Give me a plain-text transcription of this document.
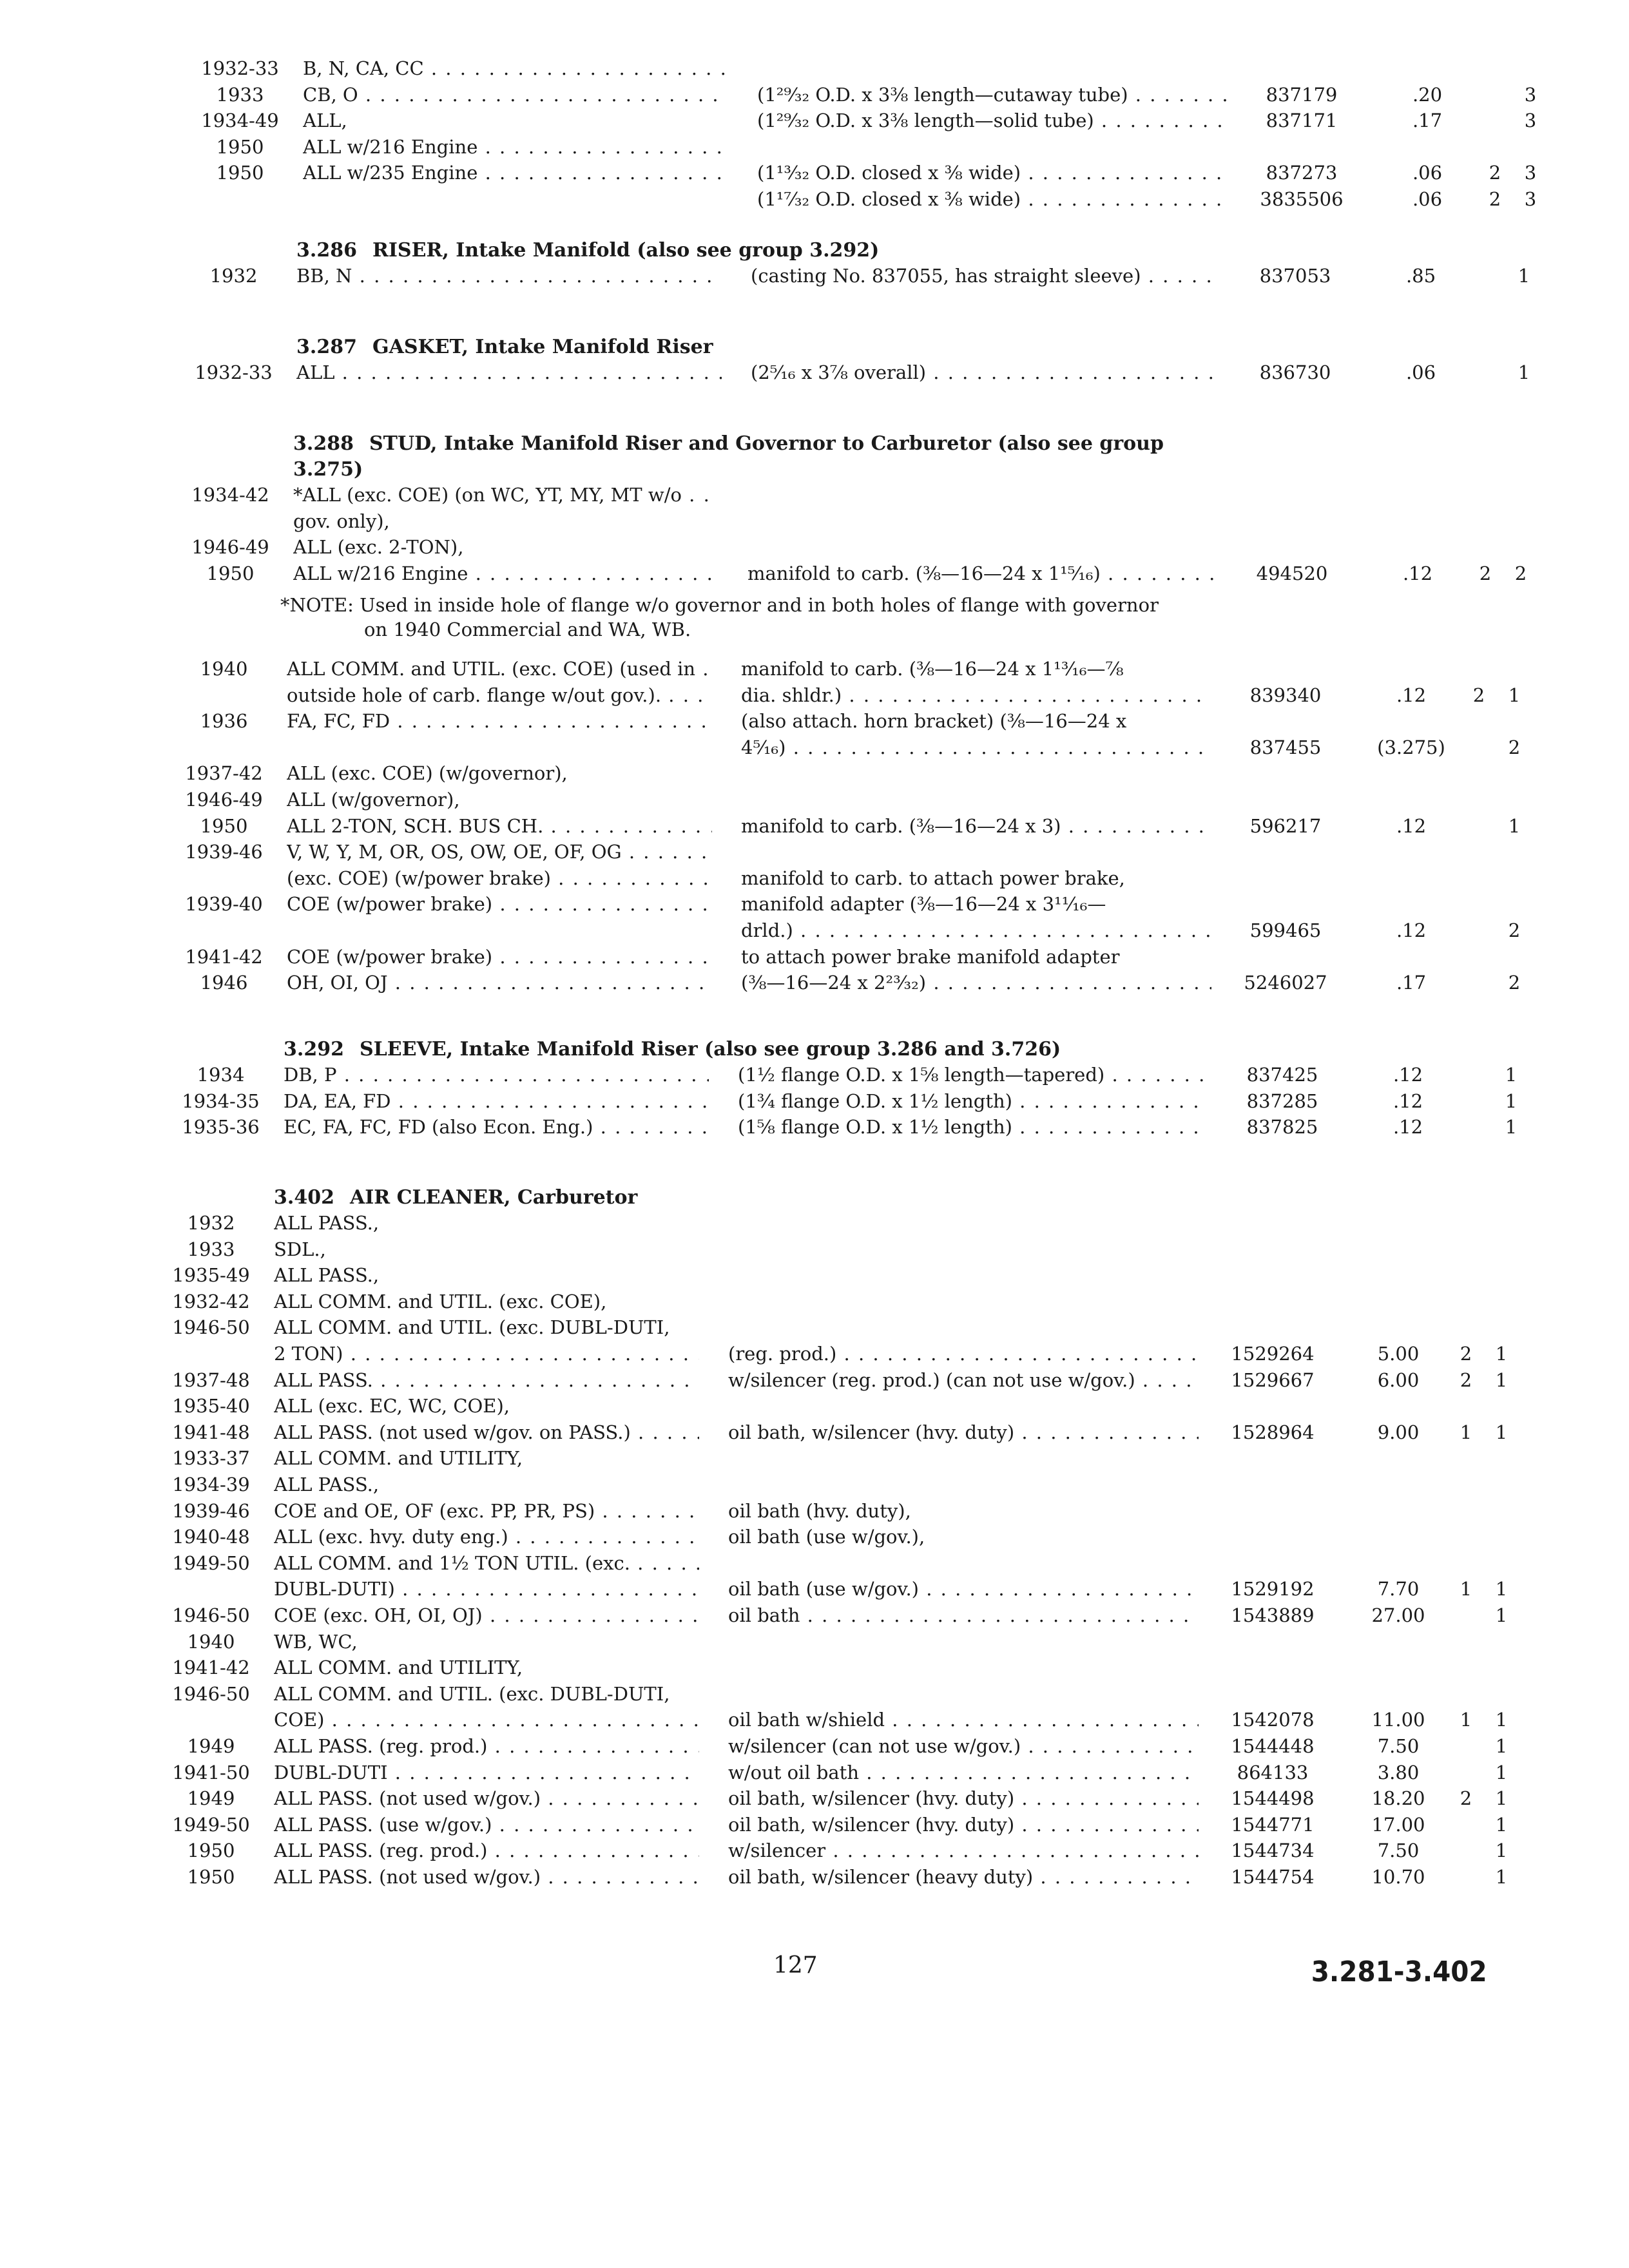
1932-33	B, N, CA, CC . . .
1933	CB, O . . .	(1²⁹⁄₃₂ O.D. x 3⅜ length—cutaway tube) . . .	837179	.20	3
1934-49	ALL,	(1²⁹⁄₃₂ O.D. x 3⅜ length—solid tube) . . .	837171	.17	3
1950	ALL w/216 Engine . . .
1950	ALL w/235 Engine . . .	(1¹³⁄₃₂ O.D. closed x ⅜ wide) . . .	837273	.06	2	3
(1¹⁷⁄₃₂ O.D. closed x ⅜ wide) . . .	3835506	.06	2	3
3.286 RISER, Intake Manifold (also see group 3.292)
1932	BB, N . . .	(casting No. 837055, has straight sleeve) . . .	837053	.85	1
3.287 GASKET, Intake Manifold Riser
1932-33	ALL . . .	(2⁵⁄₁₆ x 3⅞ overall) . . .	836730	.06	1
3.288 STUD, Intake Manifold Riser and Governor to Carburetor (also see group
3.275)
1934-42	*ALL (exc. COE) (on WC, YT, MY, MT w/o . . .
gov. only),
1946-49	ALL (exc. 2-TON),
1950	ALL w/216 Engine . . .	manifold to carb. (⅜—16—24 x 1¹⁵⁄₁₆) . . .	494520	.12	2	2
1940	ALL COMM. and UTIL. (exc. COE) (used in . . .	manifold to carb. (⅜—16—24 x 1¹³⁄₁₆—⅞
outside hole of carb. flange w/out gov.). . . .	dia. shldr.) . . .	839340	.12	2	1
1936	FA, FC, FD . . .	(also attach. horn bracket) (⅜—16—24 x
4⁵⁄₁₆) . . .	837455	(3.275)	2
1937-42	ALL (exc. COE) (w/governor),
1946-49	ALL (w/governor),
1950	ALL 2-TON, SCH. BUS CH. . . .	manifold to carb. (⅜—16—24 x 3) . . .	596217	.12	1
1939-46	V, W, Y, M, OR, OS, OW, OE, OF, OG . . .
(exc. COE) (w/power brake) . . .	manifold to carb. to attach power brake,
1939-40	COE (w/power brake) . . .	manifold adapter (⅜—16—24 x 3¹¹⁄₁₆—
drld.) . . .	599465	.12	2
1941-42	COE (w/power brake) . . .	to attach power brake manifold adapter
1946	OH, OI, OJ . . .	(⅜—16—24 x 2²³⁄₃₂) . . .	5246027	.17	2
3.292 SLEEVE, Intake Manifold Riser (also see group 3.286 and 3.726)
1934	DB, P . . .	(1½ flange O.D. x 1⅝ length—tapered) . . .	837425	.12	1
1934-35	DA, EA, FD . . .	(1¾ flange O.D. x 1½ length) . . .	837285	.12	1
1935-36	EC, FA, FC, FD (also Econ. Eng.) . . .	(1⅝ flange O.D. x 1½ length) . . .	837825	.12	1
3.402 AIR CLEANER, Carburetor
1932	ALL PASS.,
1933	SDL.,
1935-49	ALL PASS.,
1932-42	ALL COMM. and UTIL. (exc. COE),
1946-50	ALL COMM. and UTIL. (exc. DUBL-DUTI,
2 TON) . . .	(reg. prod.) . . .	1529264	5.00	2	1
1937-48	ALL PASS. . . .	w/silencer (reg. prod.) (can not use w/gov.) . . .	1529667	6.00	2	1
1935-40	ALL (exc. EC, WC, COE),
1941-48	ALL PASS. (not used w/gov. on PASS.) . . .	oil bath, w/silencer (hvy. duty) . . .	1528964	9.00	1	1
1933-37	ALL COMM. and UTILITY,
1934-39	ALL PASS.,
1939-46	COE and OE, OF (exc. PP, PR, PS) . . .	oil bath (hvy. duty),
1940-48	ALL (exc. hvy. duty eng.) . . .	oil bath (use w/gov.),
1949-50	ALL COMM. and 1½ TON UTIL. (exc. . . .
DUBL-DUTI) . . .	oil bath (use w/gov.) . . .	1529192	7.70	1	1
1946-50	COE (exc. OH, OI, OJ) . . .	oil bath . . .	1543889	27.00	1
1940	WB, WC,
1941-42	ALL COMM. and UTILITY,
1946-50	ALL COMM. and UTIL. (exc. DUBL-DUTI,
COE) . . .	oil bath w/shield . . .	1542078	11.00	1	1
1949	ALL PASS. (reg. prod.) . . .	w/silencer (can not use w/gov.) . . .	1544448	7.50	1
1941-50	DUBL-DUTI . . .	w/out oil bath . . .	864133	3.80	1
1949	ALL PASS. (not used w/gov.) . . .	oil bath, w/silencer (hvy. duty) . . .	1544498	18.20	2	1
1949-50	ALL PASS. (use w/gov.) . . .	oil bath, w/silencer (hvy. duty) . . .	1544771	17.00	1
1950	ALL PASS. (reg. prod.) . . .	w/silencer . . .	1544734	7.50	1
1950	ALL PASS. (not used w/gov.) . . .	oil bath, w/silencer (heavy duty) . . .	1544754	10.70	1
*NOTE: Used in inside hole of flange w/o governor and in both holes of flange with governor
on 1940 Commercial and WA, WB.
127	3.281-3.402
